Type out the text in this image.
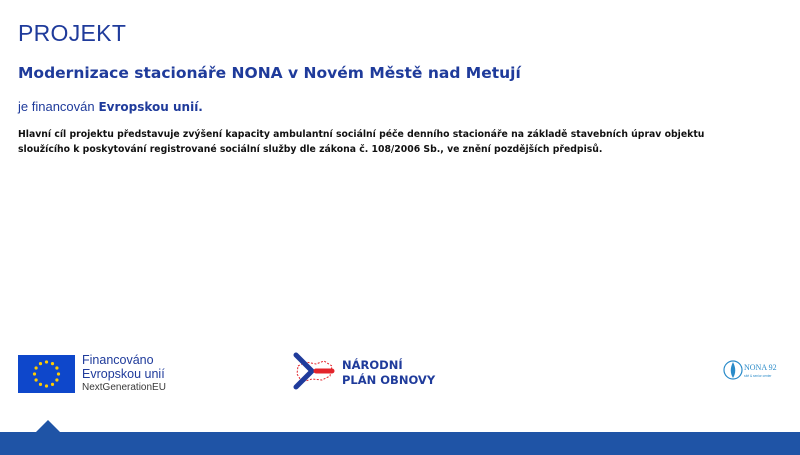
PROJEKT
Modernizace stacionáře NONA v Novém Městě nad Metují
je financován Evropskou unií.
Hlavní cíl projektu představuje zvýšení kapacity ambulantní sociální péče denního stacionáře na základě stavebních úprav objektu sloužícího k poskytování registrované sociální služby dle zákona č. 108/2006 Sb., ve znění pozdějších předpisů.
Financováno
Evropskou unií
NextGenerationEU
NÁRODNÍ
PLÁN OBNOVY
NONA 92
sítě & senior center
